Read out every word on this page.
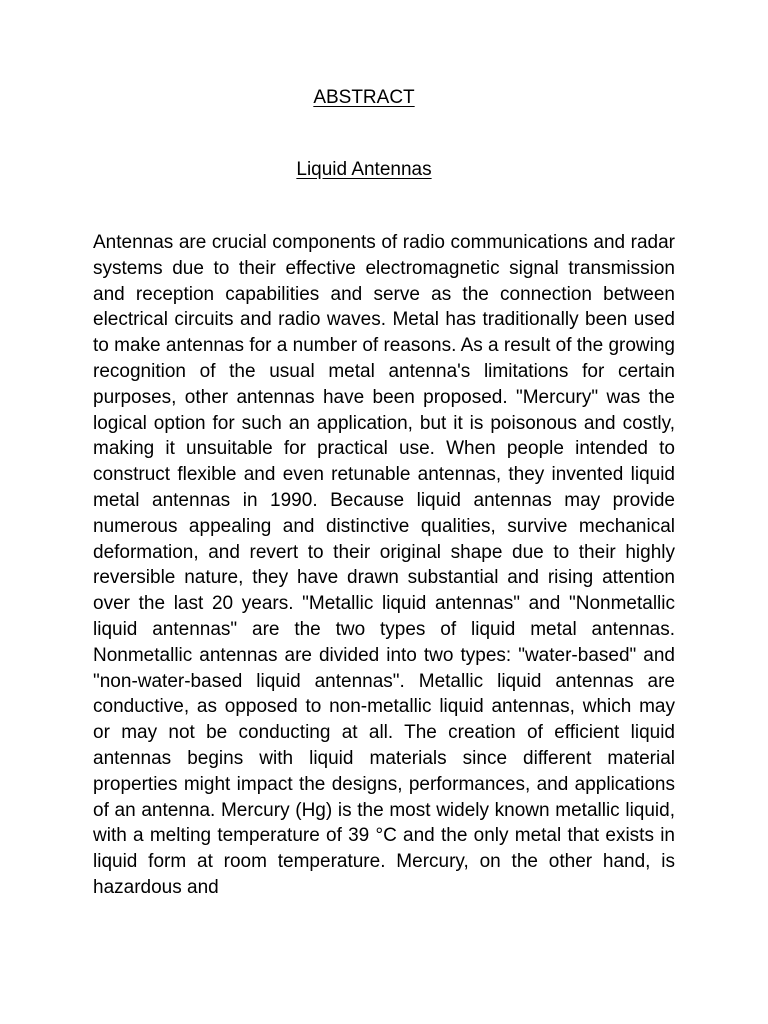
ABSTRACT
Liquid Antennas

Antennas are crucial components of radio communications and radar systems due to their effective electromagnetic signal transmission and reception capabilities and serve as the connection between electrical circuits and radio waves. Metal has traditionally been used to make antennas for a number of reasons. As a result of the growing recognition of the usual metal antenna's limitations for certain purposes, other antennas have been proposed. "Mercury" was the logical option for such an application, but it is poisonous and costly, making it unsuitable for practical use. When people intended to construct flexible and even retunable antennas, they invented liquid metal antennas in 1990. Because liquid antennas may provide numerous appealing and distinctive qualities, survive mechanical deformation, and revert to their original shape due to their highly reversible nature, they have drawn substantial and rising attention over the last 20 years. "Metallic liquid antennas" and "Nonmetallic liquid antennas" are the two types of liquid metal antennas. Nonmetallic antennas are divided into two types: "water-based" and "non-water-based liquid antennas". Metallic liquid antennas are conductive, as opposed to non-metallic liquid antennas, which may or may not be conducting at all. The creation of efficient liquid antennas begins with liquid materials since different material properties might impact the designs, performances, and applications of an antenna. Mercury (Hg) is the most widely known metallic liquid, with a melting temperature of 39 °C and the only metal that exists in liquid form at room temperature. Mercury, on the other hand, is hazardous and
